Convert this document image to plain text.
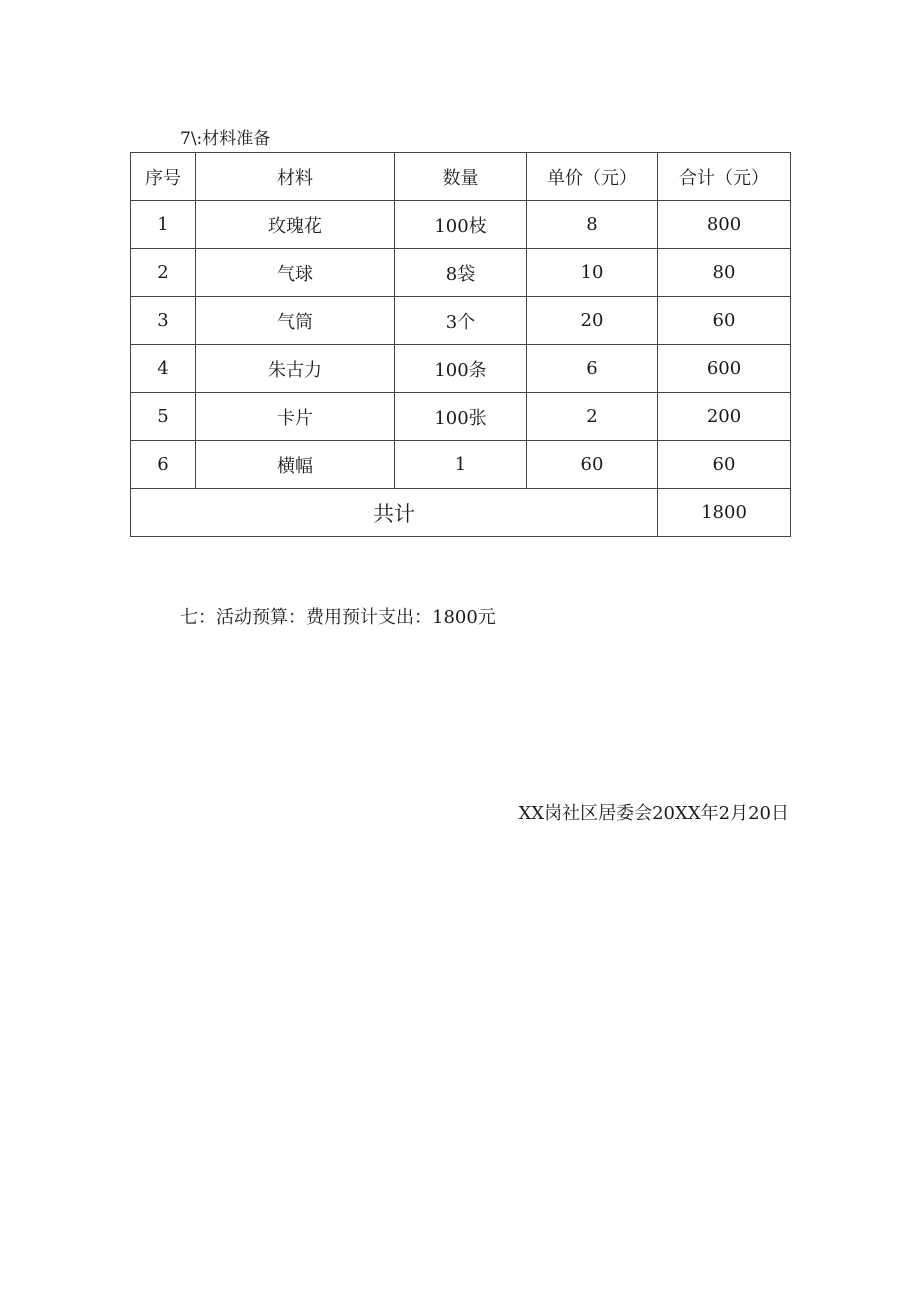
7\:材料准备
序号	材料	数量	单价（元）	合计（元）
1	玫瑰花	100枝	8	800
2	气球	8袋	10	80
3	气筒	3个	20	60
4	朱古力	100条	6	600
5	卡片	100张	2	200
6	横幅	1	60	60
共计				1800
七：活动预算：费用预计支出：1800元
XX岗社区居委会20XX年2月20日
